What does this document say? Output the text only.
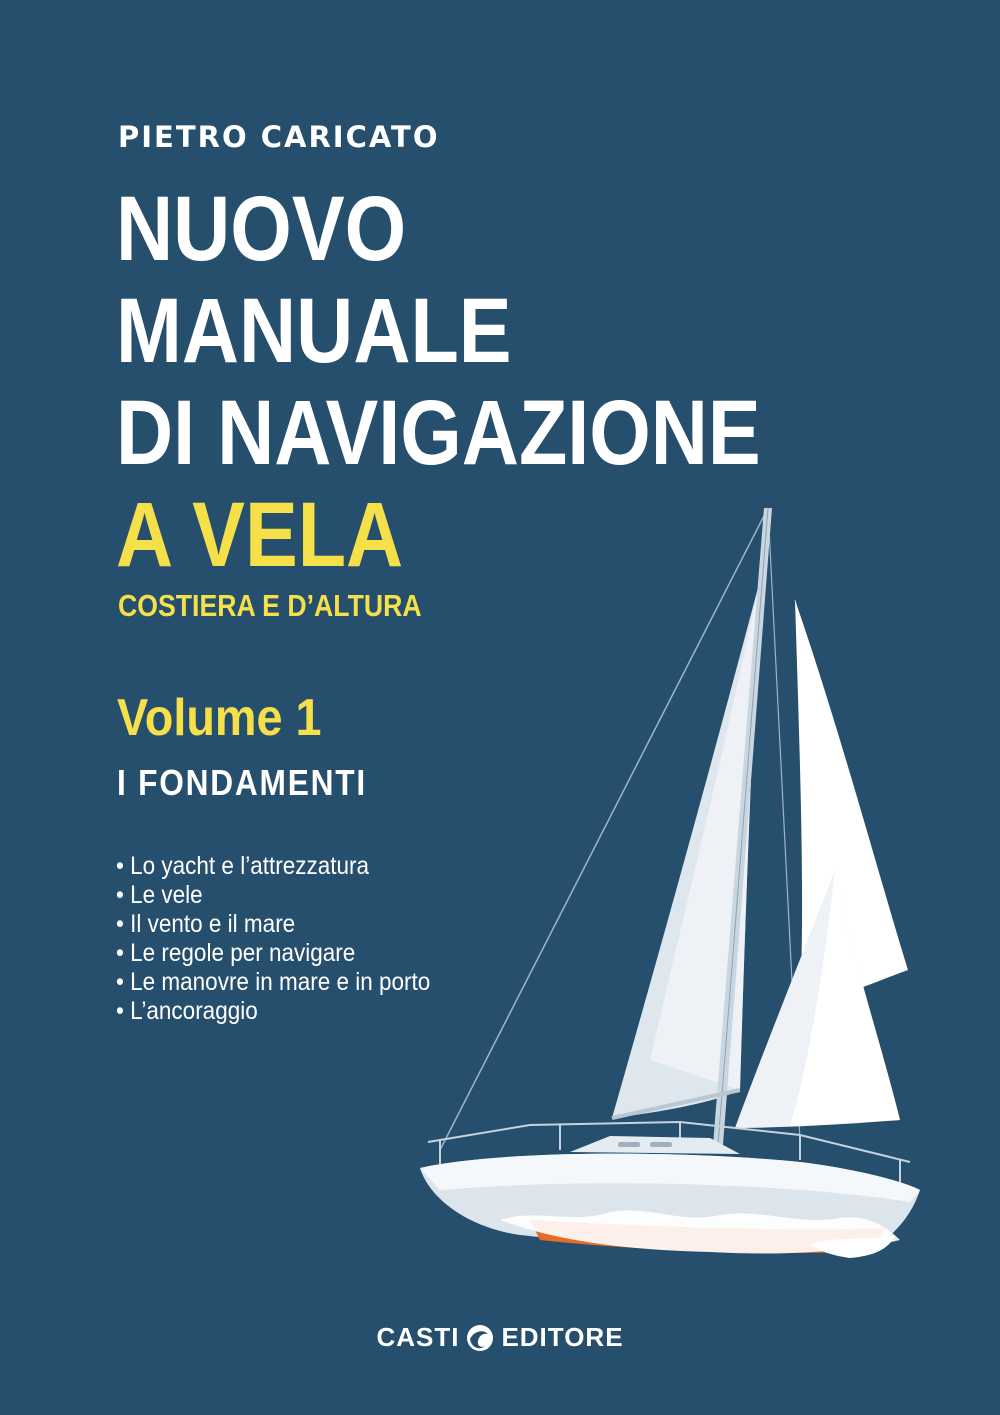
PIETRO CARICATO
NUOVO
MANUALE
DI NAVIGAZIONE
A VELA
COSTIERA E D’ALTURA
Volume 1
I FONDAMENTI
• Lo yacht e l’attrezzatura
• Le vele
• Il vento e il mare
• Le regole per navigare
• Le manovre in mare e in porto
• L’ancoraggio
CASTI EDITORE
